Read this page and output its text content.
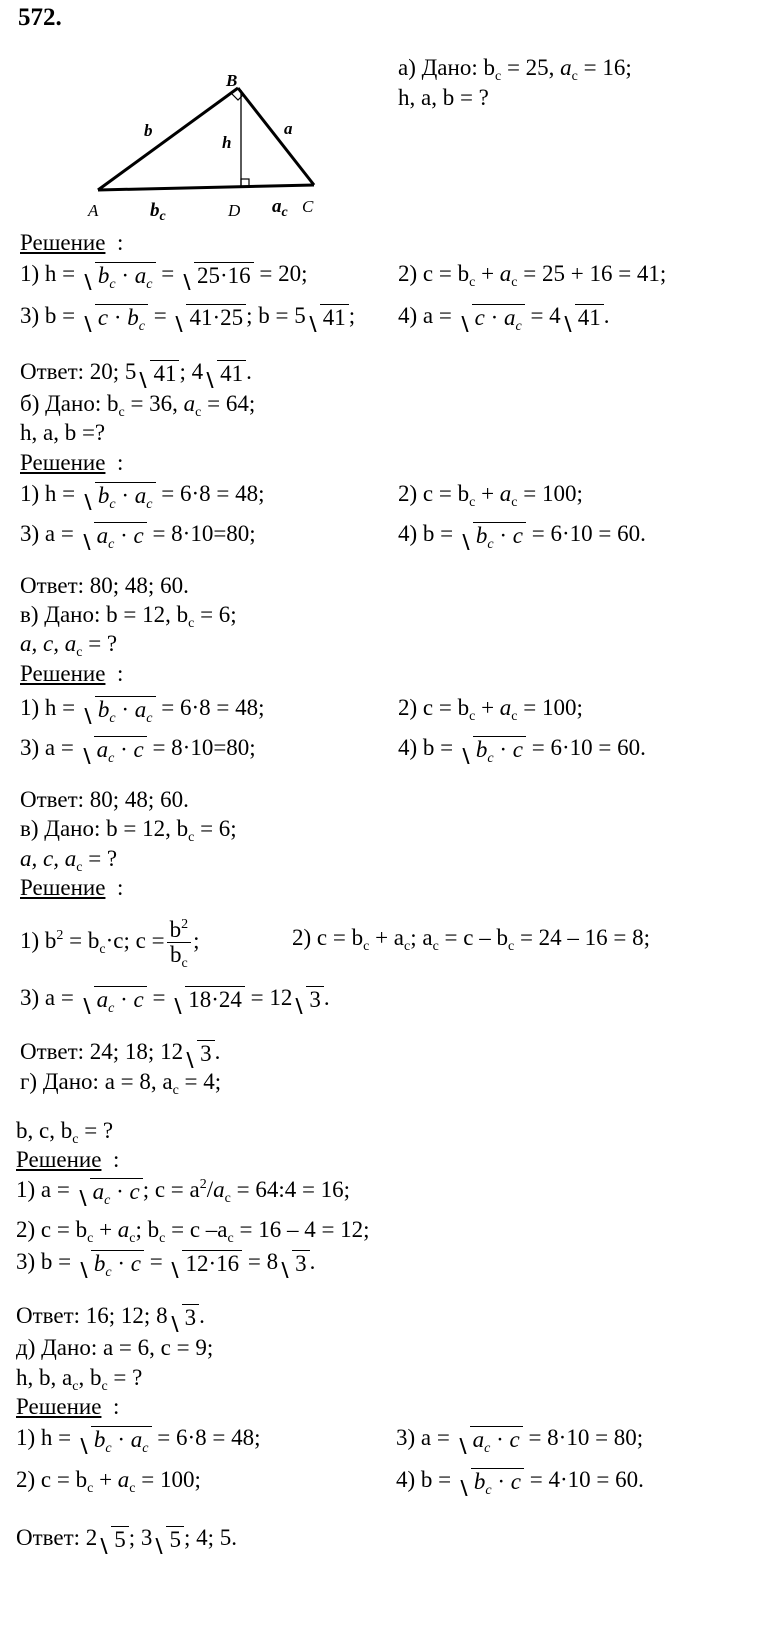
572.
B
A	D	C
b	a
h
$b_c$	$a_c$
а) Дано: $b_c = 25$, $a_c = 16$;
h, a, b = ?
Решение :
1) $h = b_c \cdot a_c = 25\cdot 16 = 20$;	2) $c = b_c + a_c = 25 + 16 = 41$;
3) $b = c \cdot b_c = 41\cdot 25$ ; b = 5 41 ; 4) $a = c \cdot a_c = 4$ 41 .
Ответ: 20; 5 41 ; 4 41 .
б) Дано: $b_c = 36$, $a_c = 64$;
h, a, b =?
Решение :
1) $h = b_c \cdot a_c = 6\cdot 8 = 48$;	2) $c = b_c + a_c = 100$;
3) $a = a_c \cdot c = 8\cdot 10=80$;	4) $b = b_c \cdot c = 6\cdot 10 = 60$.
Ответ: 80; 48; 60.
в) Дано: b = 12, $b_c = 6$;
a, c, $a_c$ = ?
Решение :
1) $h = b_c \cdot a_c = 6\cdot 8 = 48$;	2) $c = b_c + a_c = 100$;
3) $a = a_c \cdot c = 8\cdot 10=80$;	4) $b = b_c \cdot c = 6\cdot 10 = 60$.
Ответ: 80; 48; 60.
в) Дано: b = 12, $b_c = 6$;
a, c, $a_c$ = ?
Решение :
1) $b^2 = b_c\cdot c$; $c = \frac{b^2}{b_c}$ ;	2) $c = b_c + a_c$; $a_c = c - b_c = 24 - 16 = 8$;
3) $a = a_c \cdot c = 18\cdot 24 = 12$ 3 .
Ответ: 24; 18; 12 3 .
г) Дано: a = 8, $a_c = 4$;
b, c, $b_c$ = ?
Решение :
1) $a = a_c \cdot c$ ; $c = a^2/a_c$ = 64:4 = 16;
2) $c = b_c + a_c$; $b_c = c$ $-a_c = 16 - 4 = 12$;
3) $b = b_c \cdot c = 12\cdot 16 = 8$ 3 .
Ответ: 16; 12; 8 3 .
д) Дано: a = 6, c = 9;
h, b, $a_c$, $b_c$ = ?
Решение :
1) $h = b_c \cdot a_c = 6\cdot 8 = 48$;	3) $a = a_c \cdot c = 8\cdot 10 = 80$;
2) $c = b_c + a_c = 100$;	4) $b = b_c \cdot c = 4\cdot 10 = 60$.
Ответ: 2 5 ; 3 5 ; 4; 5.
